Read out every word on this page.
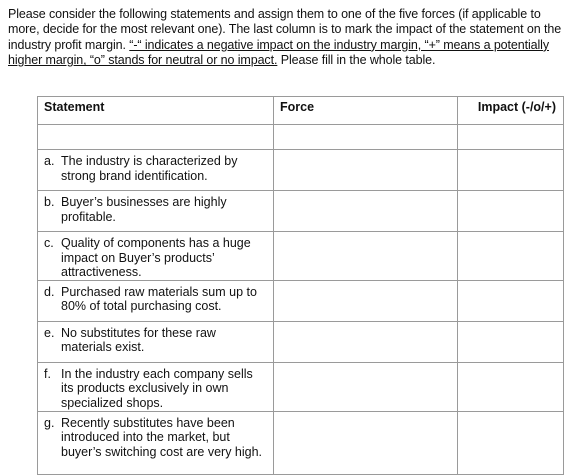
Please consider the following statements and assign them to one of the five forces (if applicable to more, decide for the most relevant one). The last column is to mark the impact of the statement on the industry profit margin. “-“ indicates a negative impact on the industry margin, “+” means a potentially higher margin, “o” stands for neutral or no impact. Please fill in the whole table.
Statement	Force	Impact (-/o/+)

a. The industry is characterized by strong brand identification.		

b. Buyer’s businesses are highly profitable.		

c. Quality of components has a huge impact on Buyer’s products’ attractiveness.		

d. Purchased raw materials sum up to 80% of total purchasing cost.		

e. No substitutes for these raw materials exist.		

f. In the industry each company sells its products exclusively in own specialized shops.		

g. Recently substitutes have been introduced into the market, but buyer’s switching cost are very high.		
